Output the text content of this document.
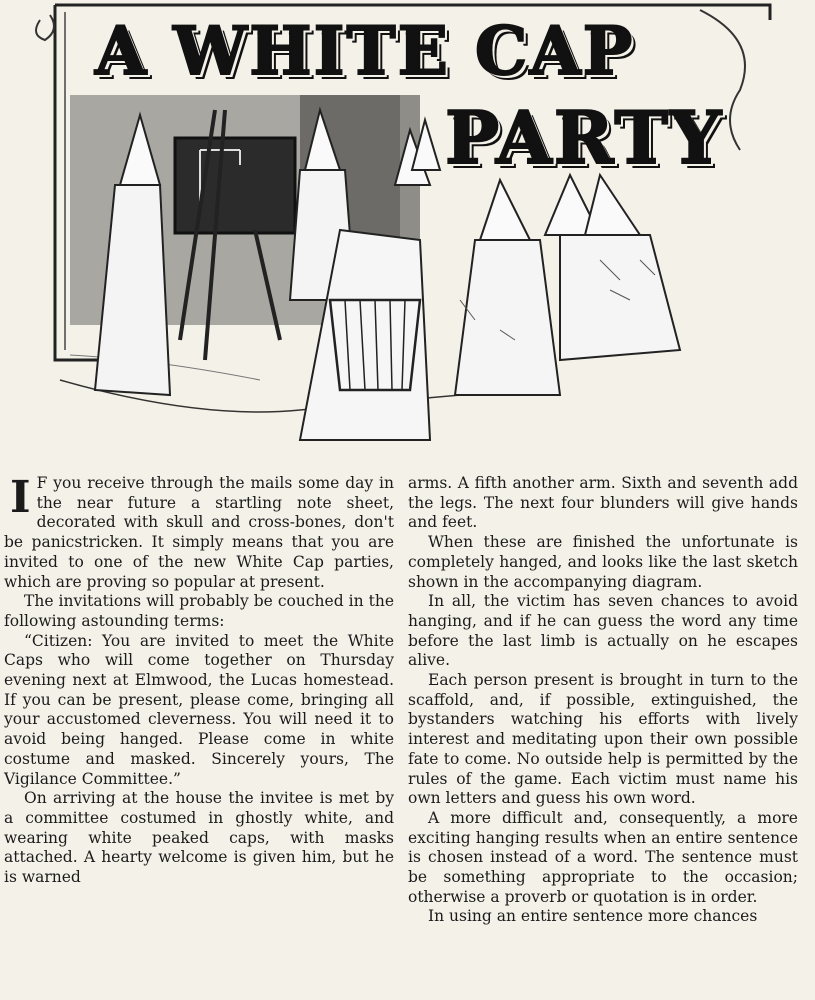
A WHITE CAP
PARTY

I F you receive through the mails some day in the near future a startling note sheet, decorated with skull and cross-bones, don't be panicstricken. It simply means that you are invited to one of the new White Cap parties, which are proving so popular at present.

The invitations will probably be couched in the following astounding terms:

“Citizen: You are invited to meet the White Caps who will come together on Thursday evening next at Elmwood, the Lucas homestead. If you can be present, please come, bringing all your accustomed cleverness. You will need it to avoid being hanged. Please come in white costume and masked. Sincerely yours, The Vigilance Committee.”

On arriving at the house the invitee is met by a committee costumed in ghostly white, and wearing white peaked caps, with masks attached. A hearty welcome is given him, but he is warned

arms. A fifth another arm. Sixth and seventh add the legs. The next four blunders will give hands and feet.

When these are finished the unfortunate is completely hanged, and looks like the last sketch shown in the accompanying diagram.

In all, the victim has seven chances to avoid hanging, and if he can guess the word any time before the last limb is actually on he escapes alive.

Each person present is brought in turn to the scaffold, and, if possible, extinguished, the bystanders watching his efforts with lively interest and meditating upon their own possible fate to come. No outside help is permitted by the rules of the game. Each victim must name his own letters and guess his own word.

A more difficult and, consequently, a more exciting hanging results when an entire sentence is chosen instead of a word. The sentence must be something appropriate to the occasion; otherwise a proverb or quotation is in order.

In using an entire sentence more chances
